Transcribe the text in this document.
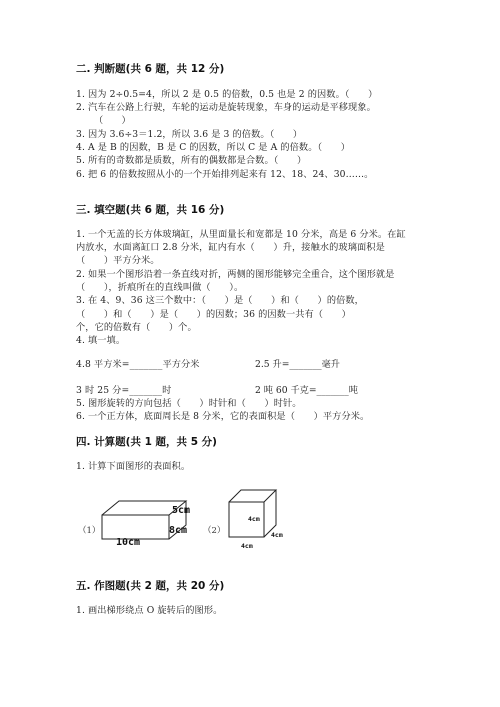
二. 判断题(共 6 题，共 12 分)
1. 因为 2÷0.5=4，所以 2 是 0.5 的倍数，0.5 也是 2 的因数。（　　）
2. 汽车在公路上行驶，车轮的运动是旋转现象，车身的运动是平移现象。
（　　）
3. 因为 3.6÷3＝1.2，所以 3.6 是 3 的倍数。（　　）
4. A 是 B 的因数，B 是 C 的因数，所以 C 是 A 的倍数。（　　）
5. 所有的奇数都是质数，所有的偶数都是合数。（　　）
6. 把 6 的倍数按照从小的一个开始排列起来有 12、18、24、30……。
三. 填空题(共 6 题，共 16 分)
1. 一个无盖的长方体玻璃缸，从里面量长和宽都是 10 分米，高是 6 分米。在缸
内放水，水面离缸口 2.8 分米，缸内有水（　　）升，接触水的玻璃面积是
（　　）平方分米。
2. 如果一个图形沿着一条直线对折，两侧的图形能够完全重合，这个图形就是
（　　），折痕所在的直线叫做（　　）。
3. 在 4、9、36 这三个数中：（　　）是（　　）和（　　）的倍数，
（　　）和（　　）是（　　）的因数；36 的因数一共有（　　）
个，它的倍数有（　　）个。
4. 填一填。
4.8 平方米=_______平方分米	2.5 升=_______毫升
3 时 25 分=_______时	2 吨 60 千克=_______吨
5. 图形旋转的方向包括（　　）时针和（　　）时针。
6. 一个正方体，底面周长是 8 分米，它的表面积是（　　）平方分米。
四. 计算题(共 1 题，共 5 分)
1. 计算下面图形的表面积。
（1）
5cm
8cm
10cm
（2）
4cm
4cm
4cm
五. 作图题(共 2 题，共 20 分)
1. 画出梯形绕点 O 旋转后的图形。
